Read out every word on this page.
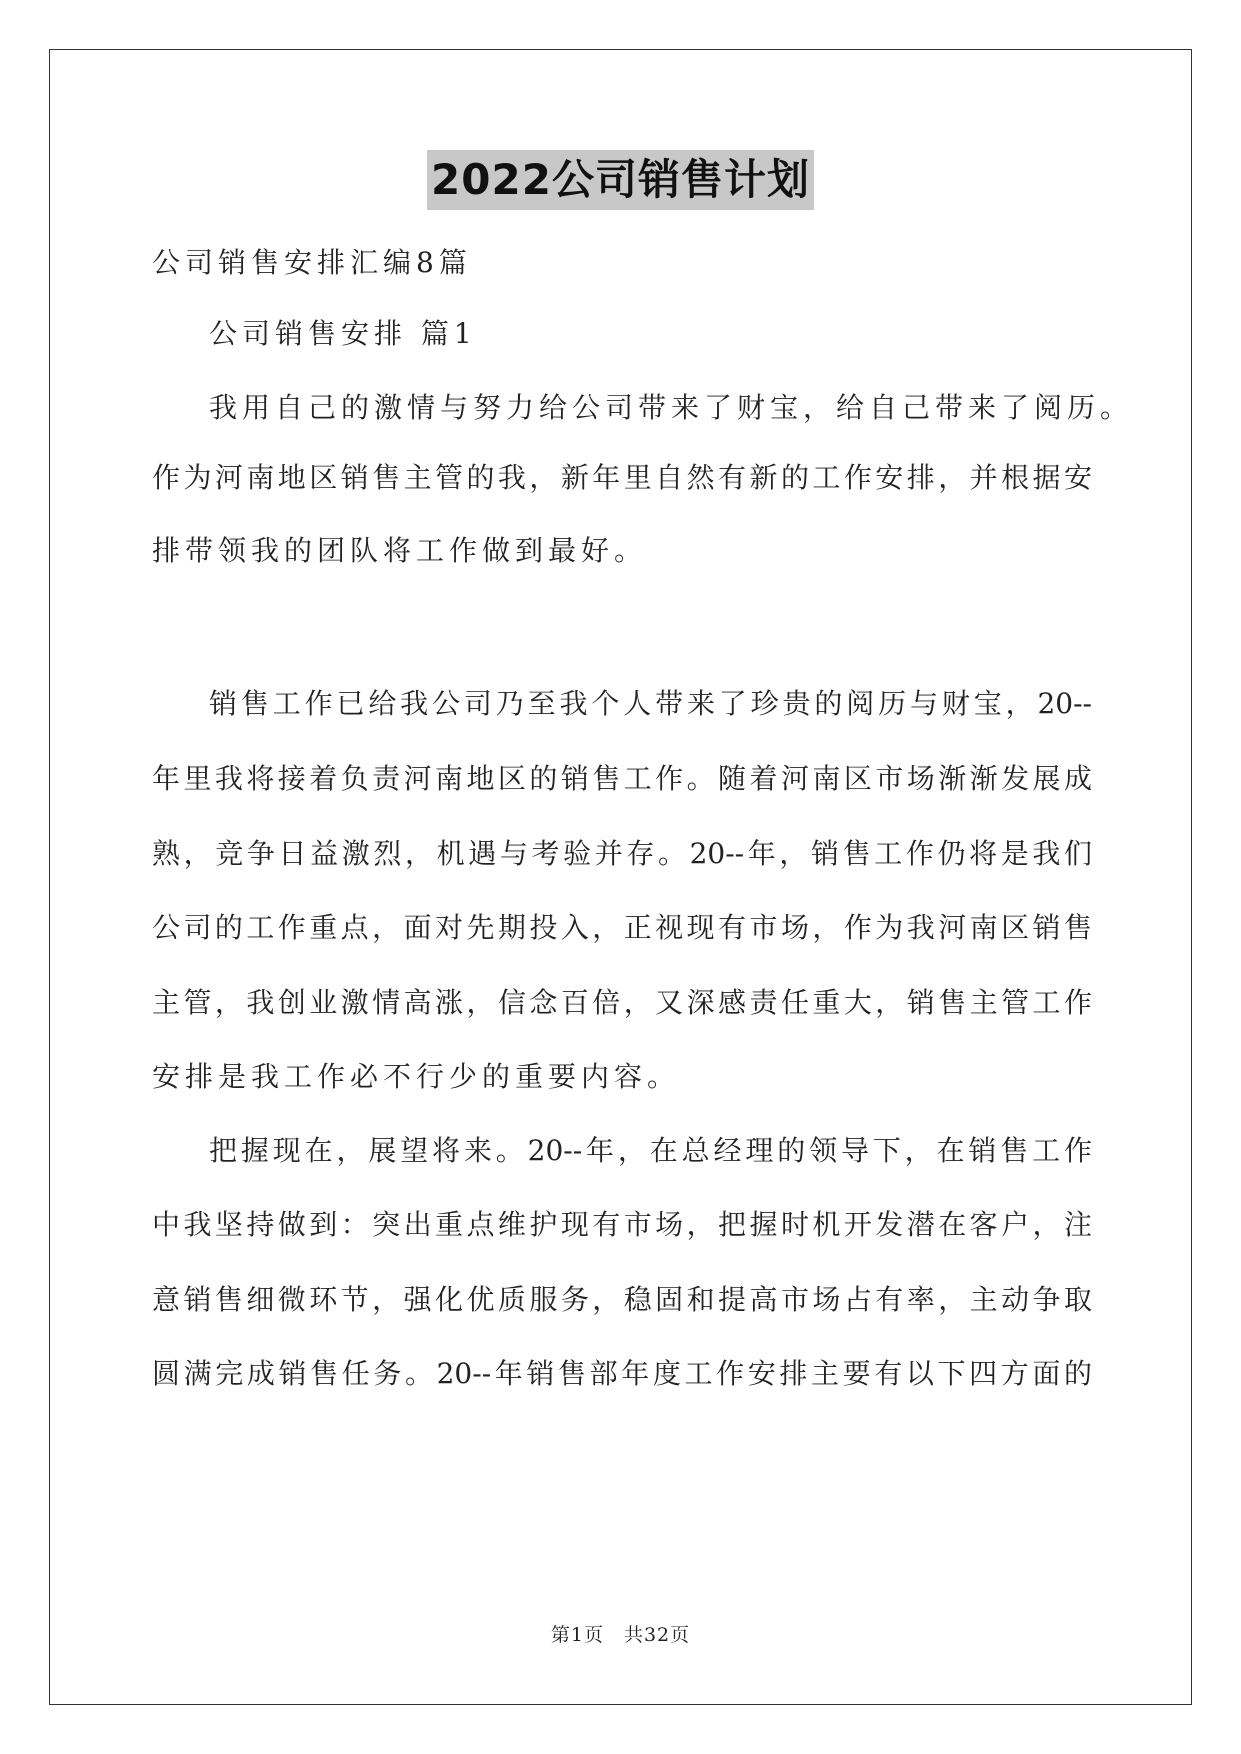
2022公司销售计划
公司销售安排汇编8篇
公司销售安排 篇1
我用自己的激情与努力给公司带来了财宝，给自己带来了阅历。
作为河南地区销售主管的我，新年里自然有新的工作安排，并根据安
排带领我的团队将工作做到最好。
销售工作已给我公司乃至我个人带来了珍贵的阅历与财宝，20--
年里我将接着负责河南地区的销售工作。随着河南区市场渐渐发展成
熟，竞争日益激烈，机遇与考验并存。20--年，销售工作仍将是我们
公司的工作重点，面对先期投入，正视现有市场，作为我河南区销售
主管，我创业激情高涨，信念百倍，又深感责任重大，销售主管工作
安排是我工作必不行少的重要内容。
把握现在，展望将来。20--年，在总经理的领导下，在销售工作
中我坚持做到：突出重点维护现有市场，把握时机开发潜在客户，注
意销售细微环节，强化优质服务，稳固和提高市场占有率，主动争取
圆满完成销售任务。20--年销售部年度工作安排主要有以下四方面的
第1页　共32页
